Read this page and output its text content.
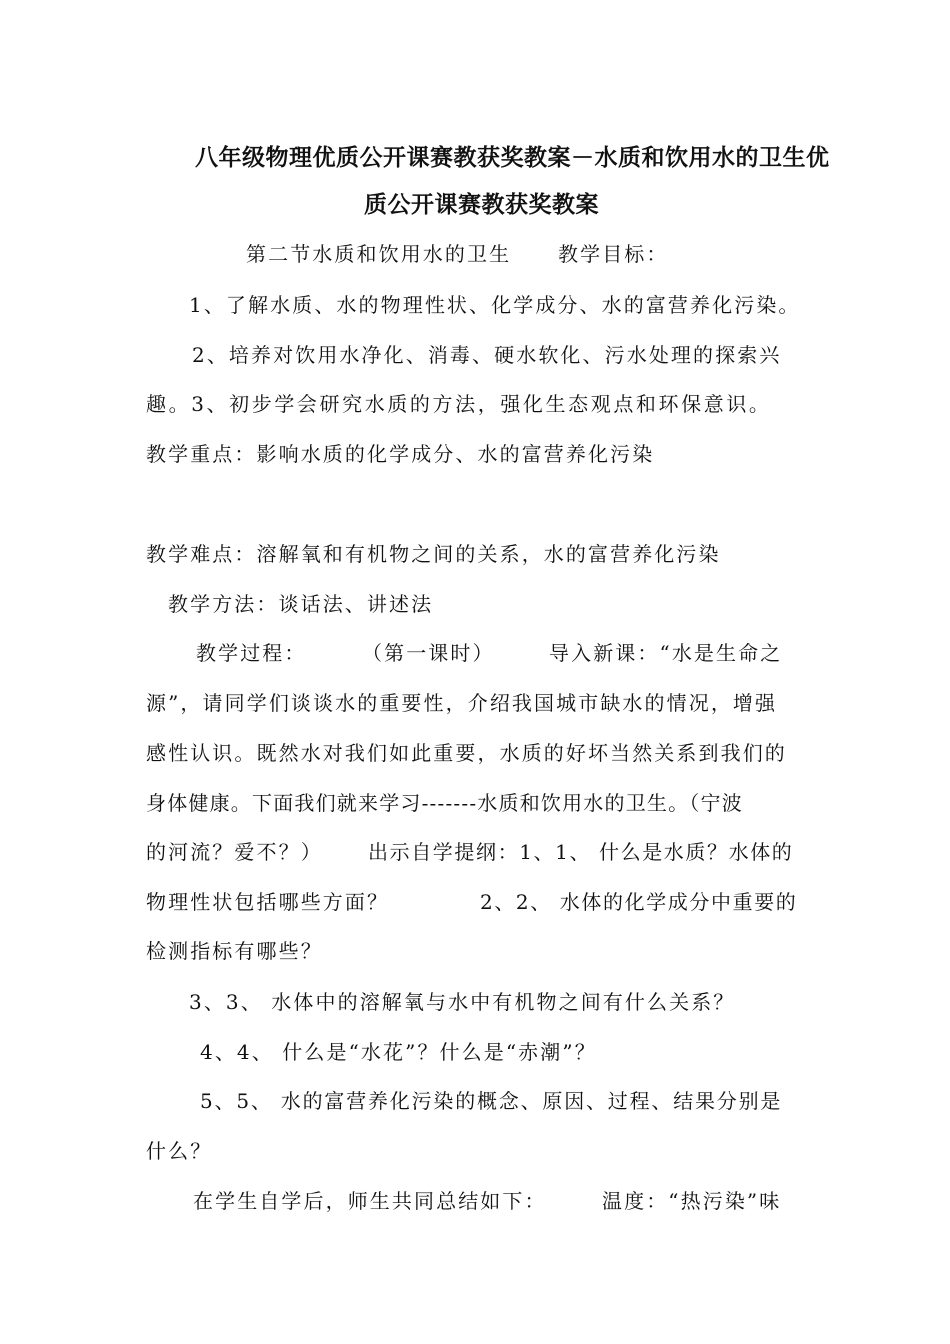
八年级物理优质公开课赛教获奖教案－水质和饮用水的卫生优
质公开课赛教获奖教案
第二节水质和饮用水的卫生 教学目标：
1、了解水质、水的物理性状、化学成分、水的富营养化污染。
2、培养对饮用水净化、消毒、硬水软化、污水处理的探索兴
趣。3、初步学会研究水质的方法，强化生态观点和环保意识。
教学重点：影响水质的化学成分、水的富营养化污染
教学难点：溶解氧和有机物之间的关系，水的富营养化污染
教学方法：谈话法、讲述法
教学过程：	（第一课时）	导入新课：“水是生命之
源”，请同学们谈谈水的重要性，介绍我国城市缺水的情况，增强
感性认识。既然水对我们如此重要，水质的好坏当然关系到我们的
身体健康。下面我们就来学习-------水质和饮用水的卫生。（宁波
的河流？爱不？） 出示自学提纲：1、1、 什么是水质？水体的
物理性状包括哪些方面？	2、2、 水体的化学成分中重要的
检测指标有哪些？
3、3、 水体中的溶解氧与水中有机物之间有什么关系？
4、4、 什么是“水花”？什么是“赤潮”？
5、5、 水的富营养化污染的概念、原因、过程、结果分别是
什么？
在学生自学后，师生共同总结如下：	温度：“热污染”味
